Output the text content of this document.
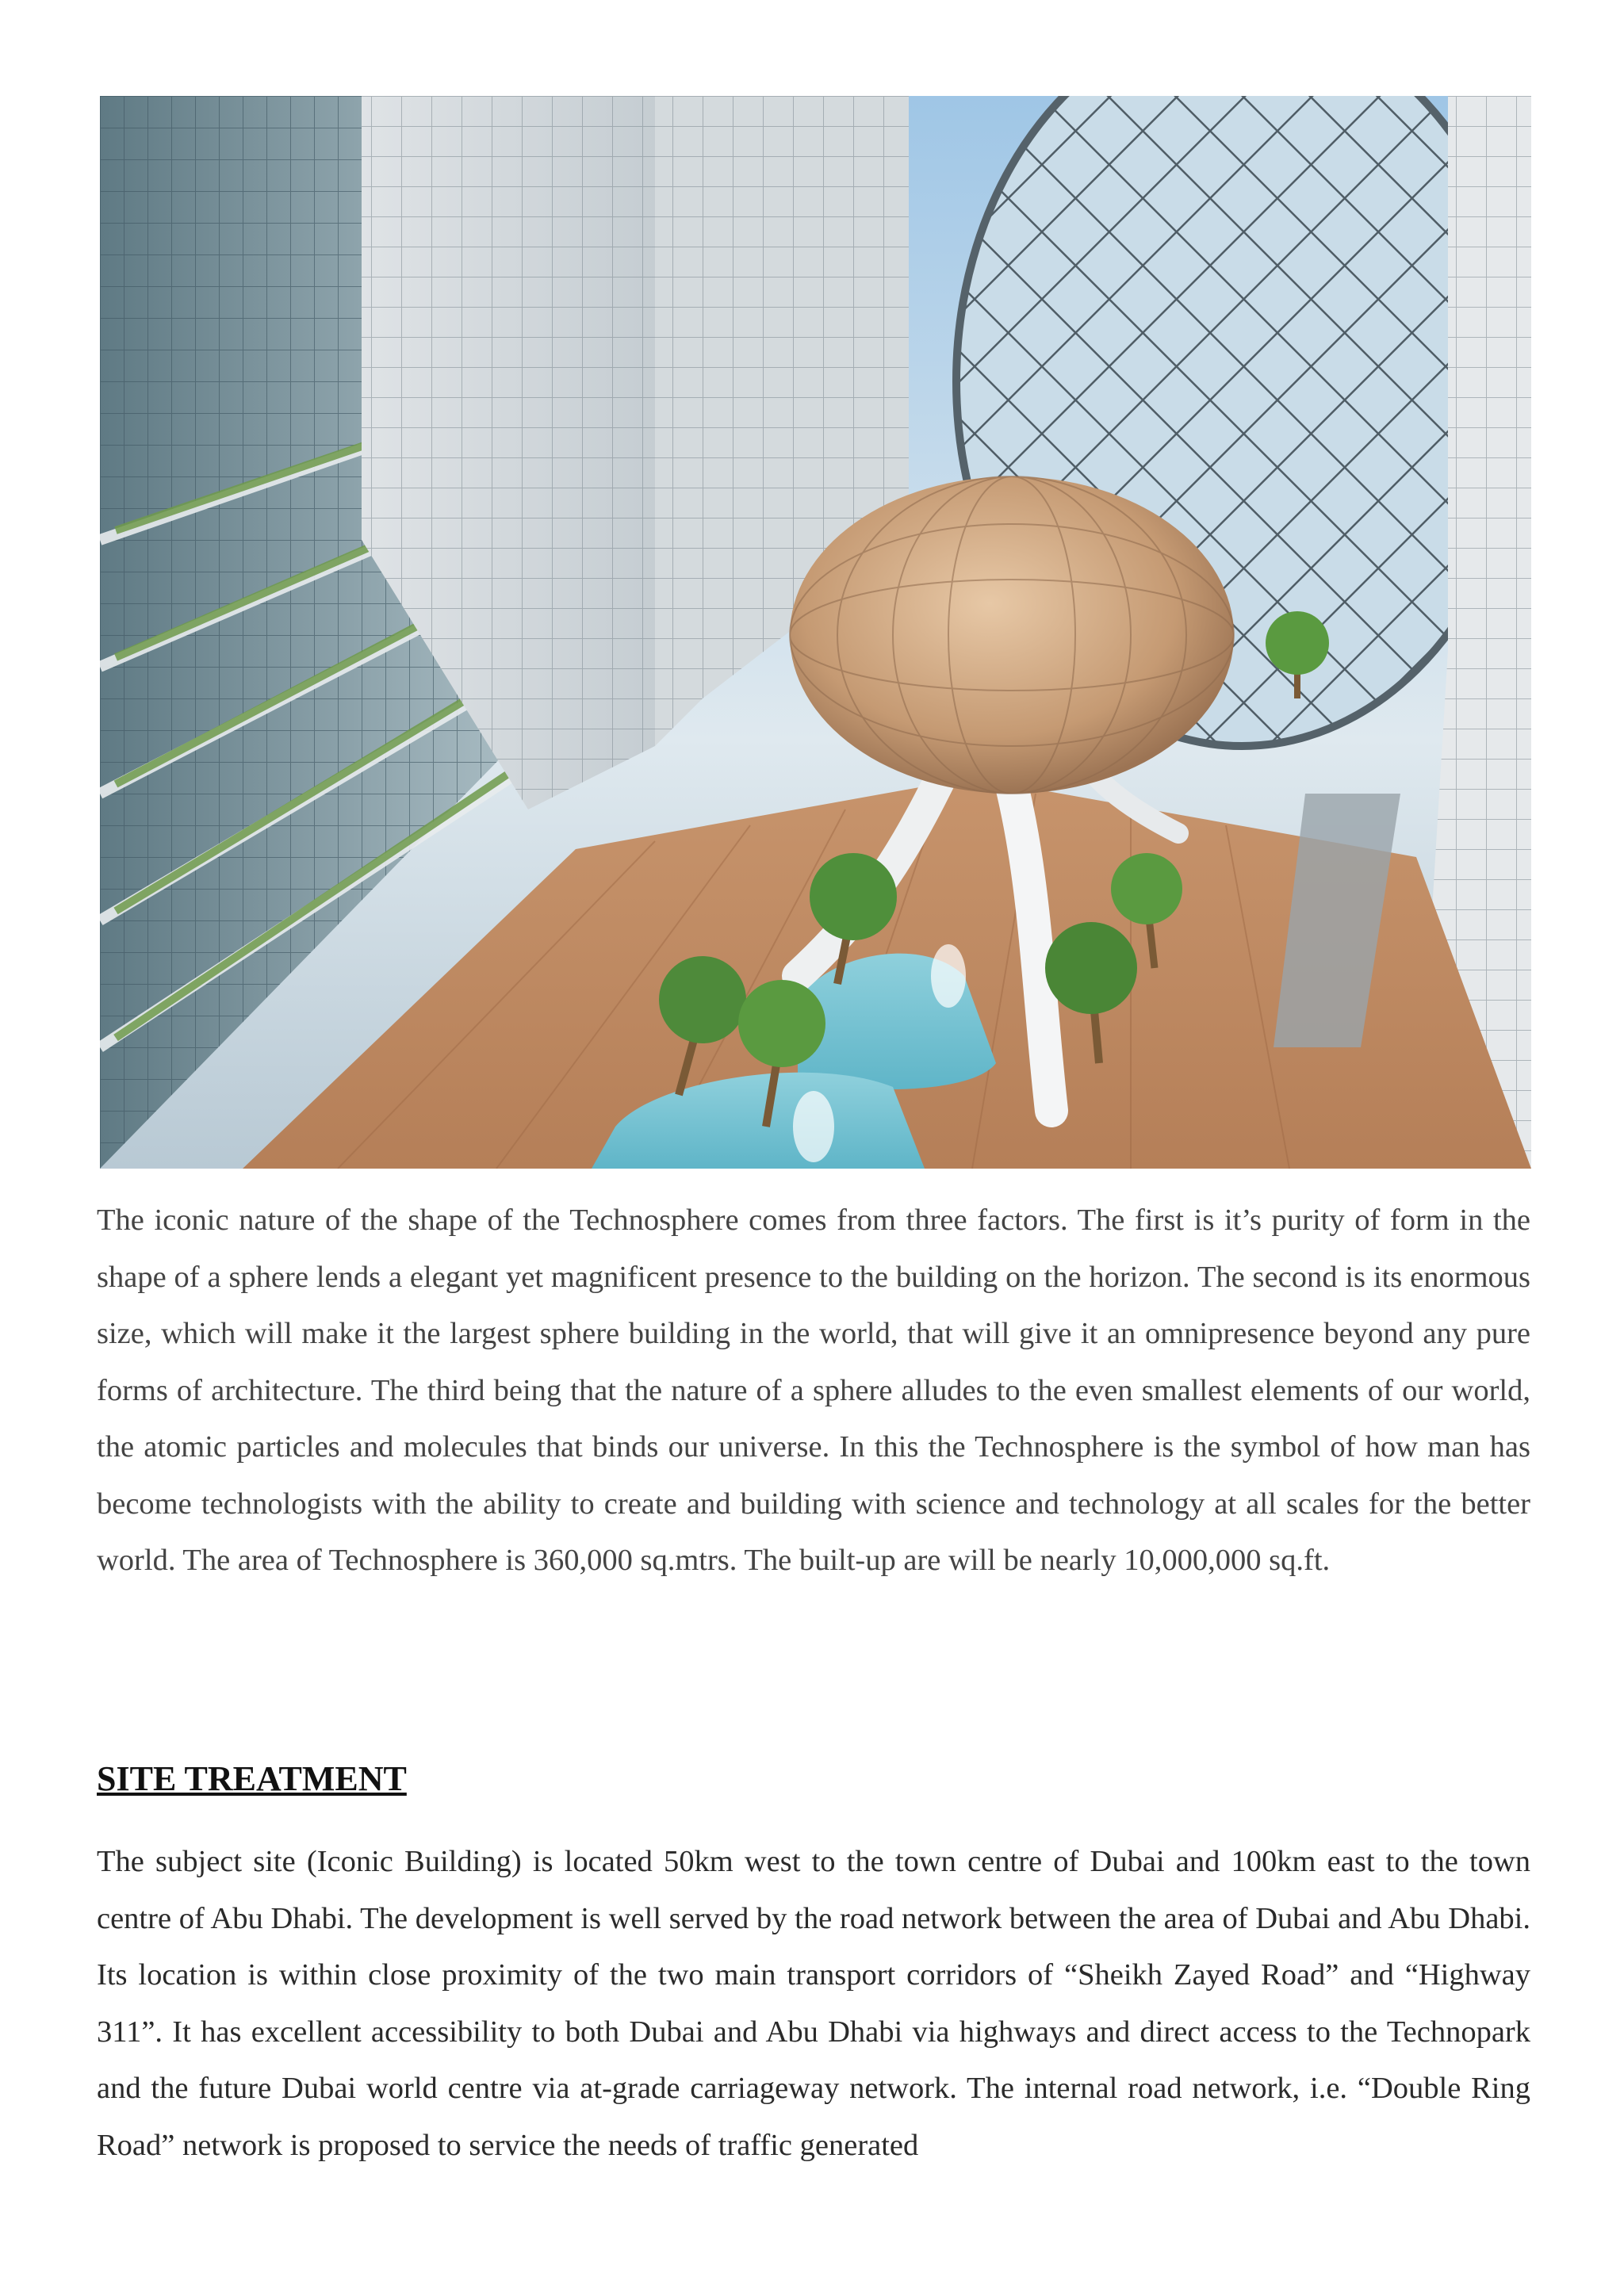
The iconic nature of the shape of the Technosphere comes from three factors. The first is it’s purity of form in the shape of a sphere lends a elegant yet magnificent presence to the building on the horizon. The second is its enormous size, which will make it the largest sphere building in the world, that will give it an omnipresence beyond any pure forms of architecture. The third being that the nature of a sphere alludes to the even smallest elements of our world, the atomic particles and molecules that binds our universe. In this the Technosphere is the symbol of how man has become technologists with the ability to create and building with science and technology at all scales for the better world. The area of Technosphere is 360,000 sq.mtrs. The built-up are will be nearly 10,000,000 sq.ft.

SITE TREATMENT

The subject site (Iconic Building) is located 50km west to the town centre of Dubai and 100km east to the town centre of Abu Dhabi. The development is well served by the road network between the area of Dubai and Abu Dhabi. Its location is within close proximity of the two main transport corridors of “Sheikh Zayed Road” and “Highway 311”. It has excellent accessibility to both Dubai and Abu Dhabi via highways and direct access to the Technopark and the future Dubai world centre via at-grade carriageway network. The internal road network, i.e. “Double Ring Road” network is proposed to service the needs of traffic generated
